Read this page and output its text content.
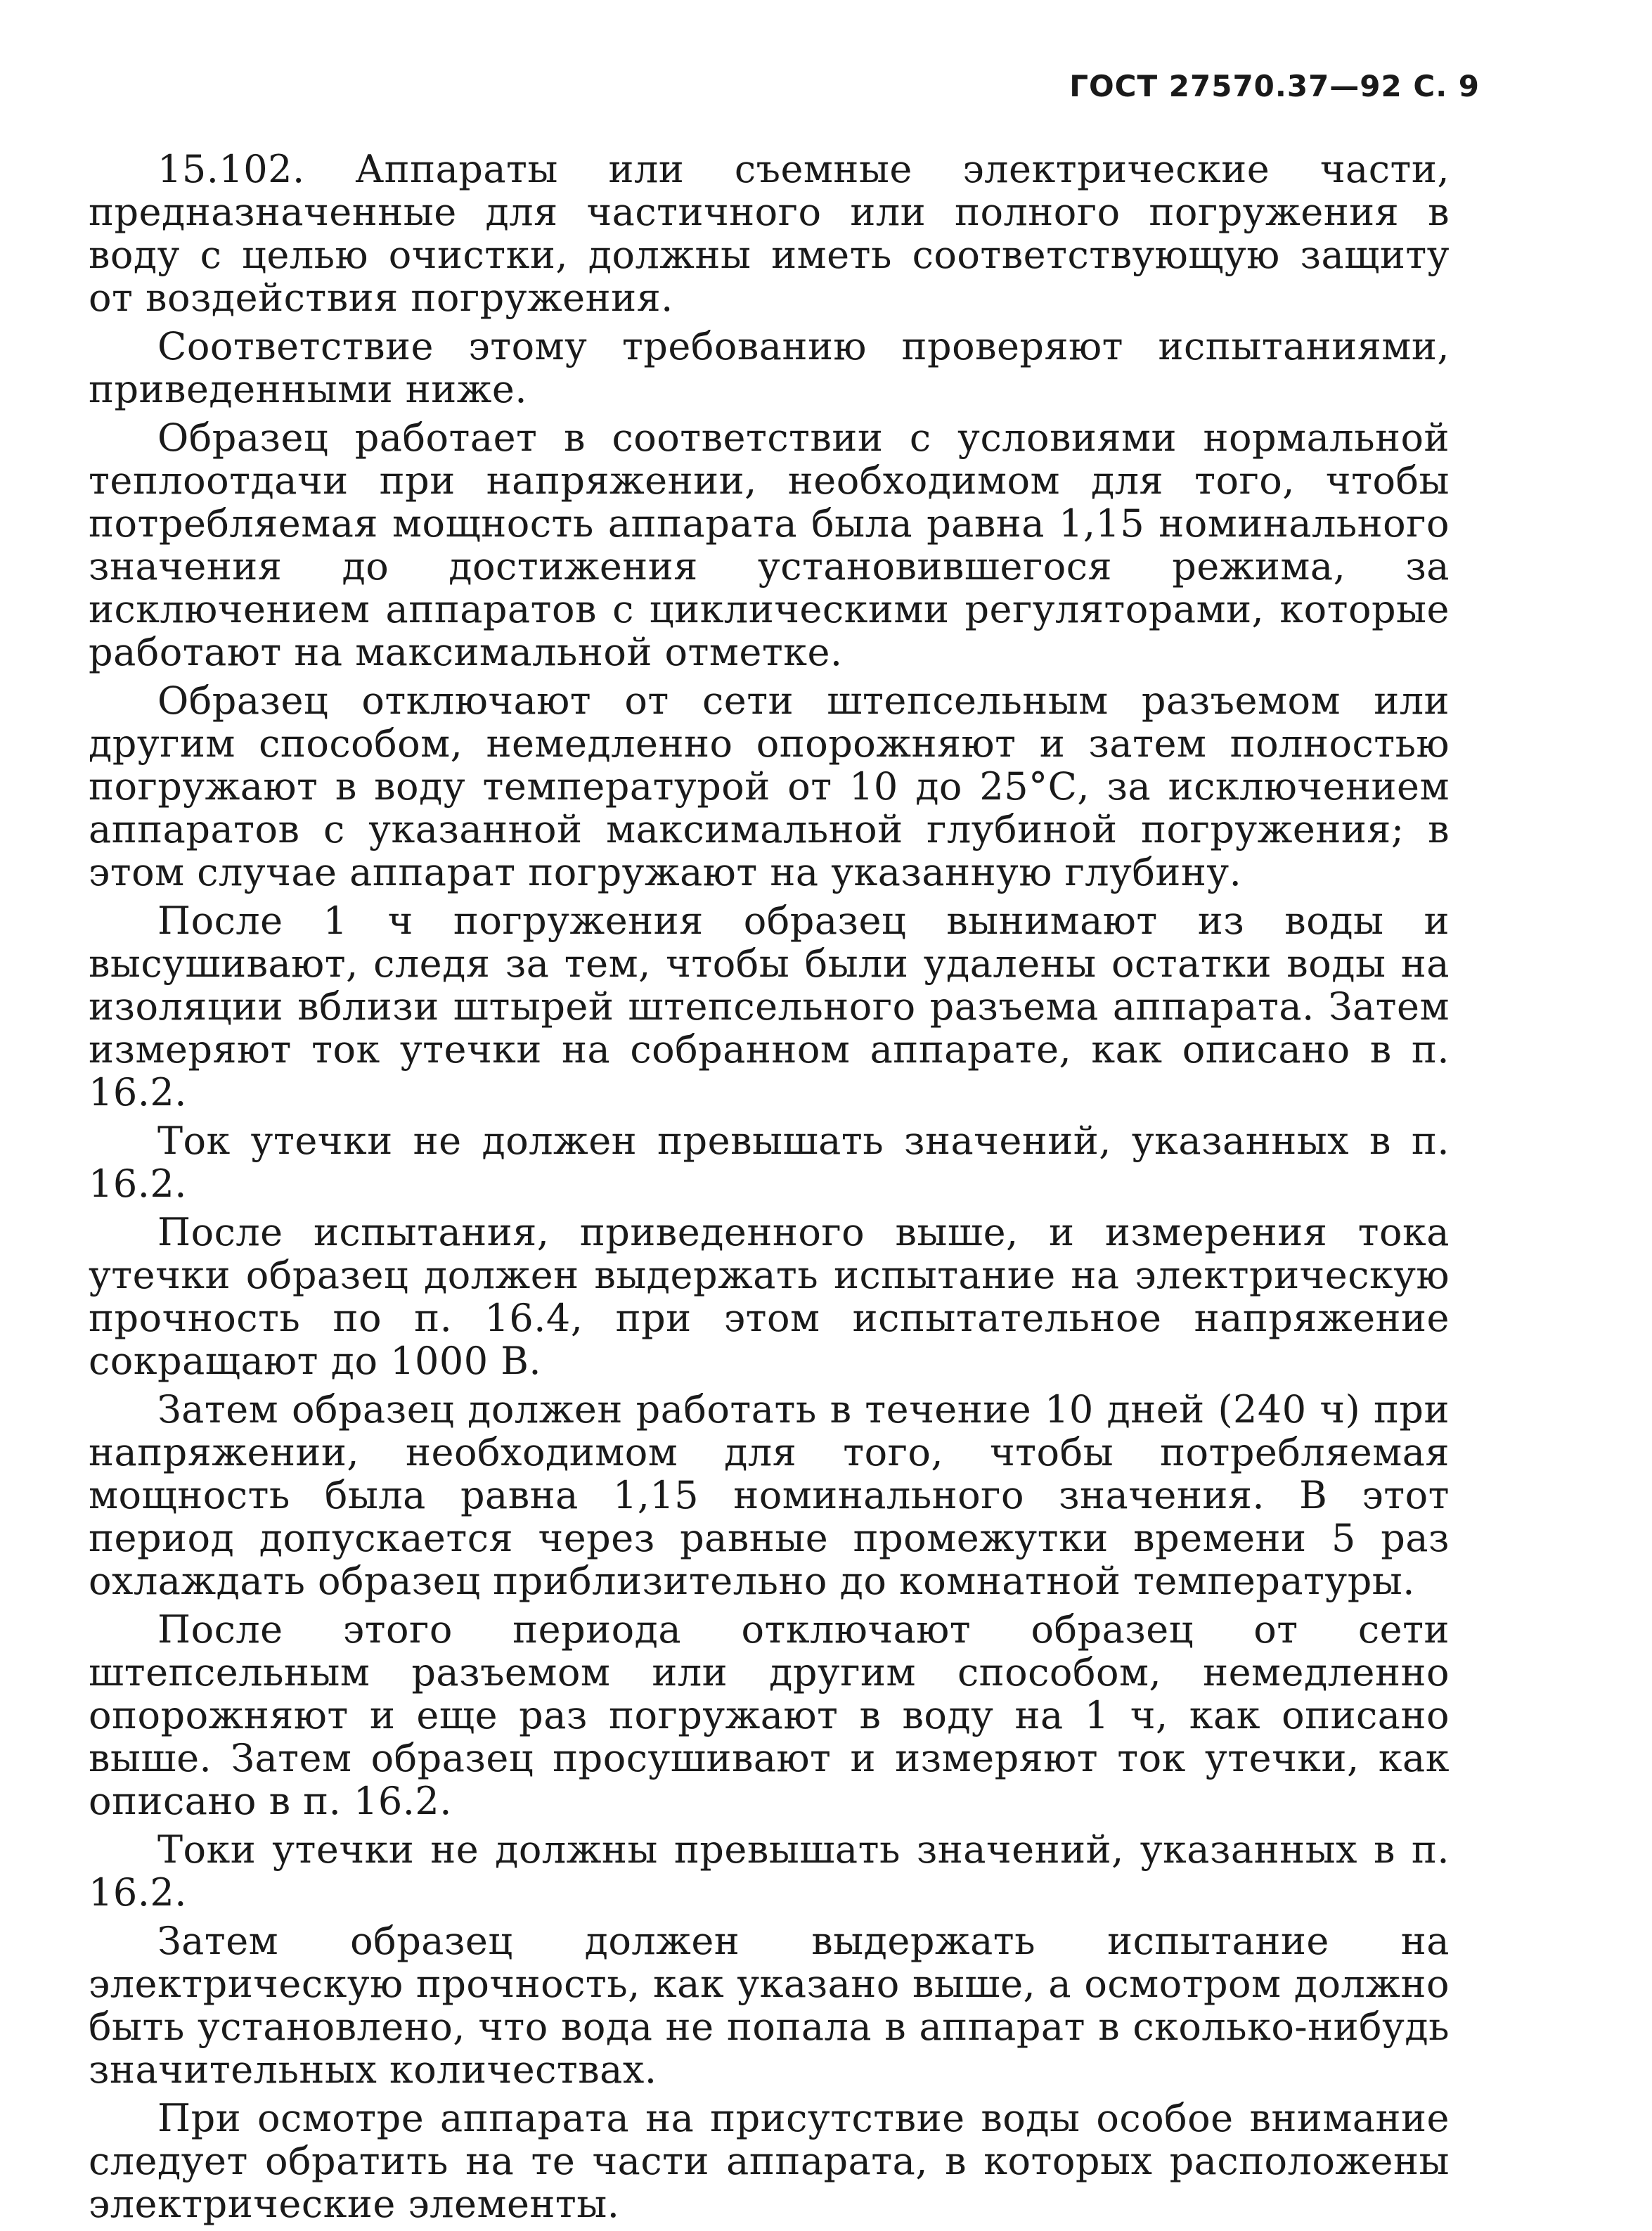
ГОСТ 27570.37—92 С. 9

15.102. Аппараты или съемные электрические части, предназначенные для частичного или полного погружения в воду с целью очистки, должны иметь соответствующую защиту от воздействия погружения.

Соответствие этому требованию проверяют испытаниями, приведенными ниже.

Образец работает в соответствии с условиями нормальной теплоотдачи при напряжении, необходимом для того, чтобы потребляемая мощность аппарата была равна 1,15 номинального значения до достижения установившегося режима, за исключением аппаратов с циклическими регуляторами, которые работают на максимальной отметке.

Образец отключают от сети штепсельным разъемом или другим способом, немедленно опорожняют и затем полностью погружают в воду температурой от 10 до 25°С, за исключением аппаратов с указанной максимальной глубиной погружения; в этом случае аппарат погружают на указанную глубину.

После 1 ч погружения образец вынимают из воды и высушивают, следя за тем, чтобы были удалены остатки воды на изоляции вблизи штырей штепсельного разъема аппарата. Затем измеряют ток утечки на собранном аппарате, как описано в п. 16.2.

Ток утечки не должен превышать значений, указанных в п. 16.2.

После испытания, приведенного выше, и измерения тока утечки образец должен выдержать испытание на электрическую прочность по п. 16.4, при этом испытательное напряжение сокращают до 1000 В.

Затем образец должен работать в течение 10 дней (240 ч) при напряжении, необходимом для того, чтобы потребляемая мощность была равна 1,15 номинального значения. В этот период допускается через равные промежутки времени 5 раз охлаждать образец приблизительно до комнатной температуры.

После этого периода отключают образец от сети штепсельным разъемом или другим способом, немедленно опорожняют и еще раз погружают в воду на 1 ч, как описано выше. Затем образец просушивают и измеряют ток утечки, как описано в п. 16.2.

Токи утечки не должны превышать значений, указанных в п. 16.2.

Затем образец должен выдержать испытание на электрическую прочность, как указано выше, а осмотром должно быть установлено, что вода не попала в аппарат в сколько-нибудь значительных количествах.

При осмотре аппарата на присутствие воды особое внимание следует обратить на те части аппарата, в которых расположены электрические элементы.
